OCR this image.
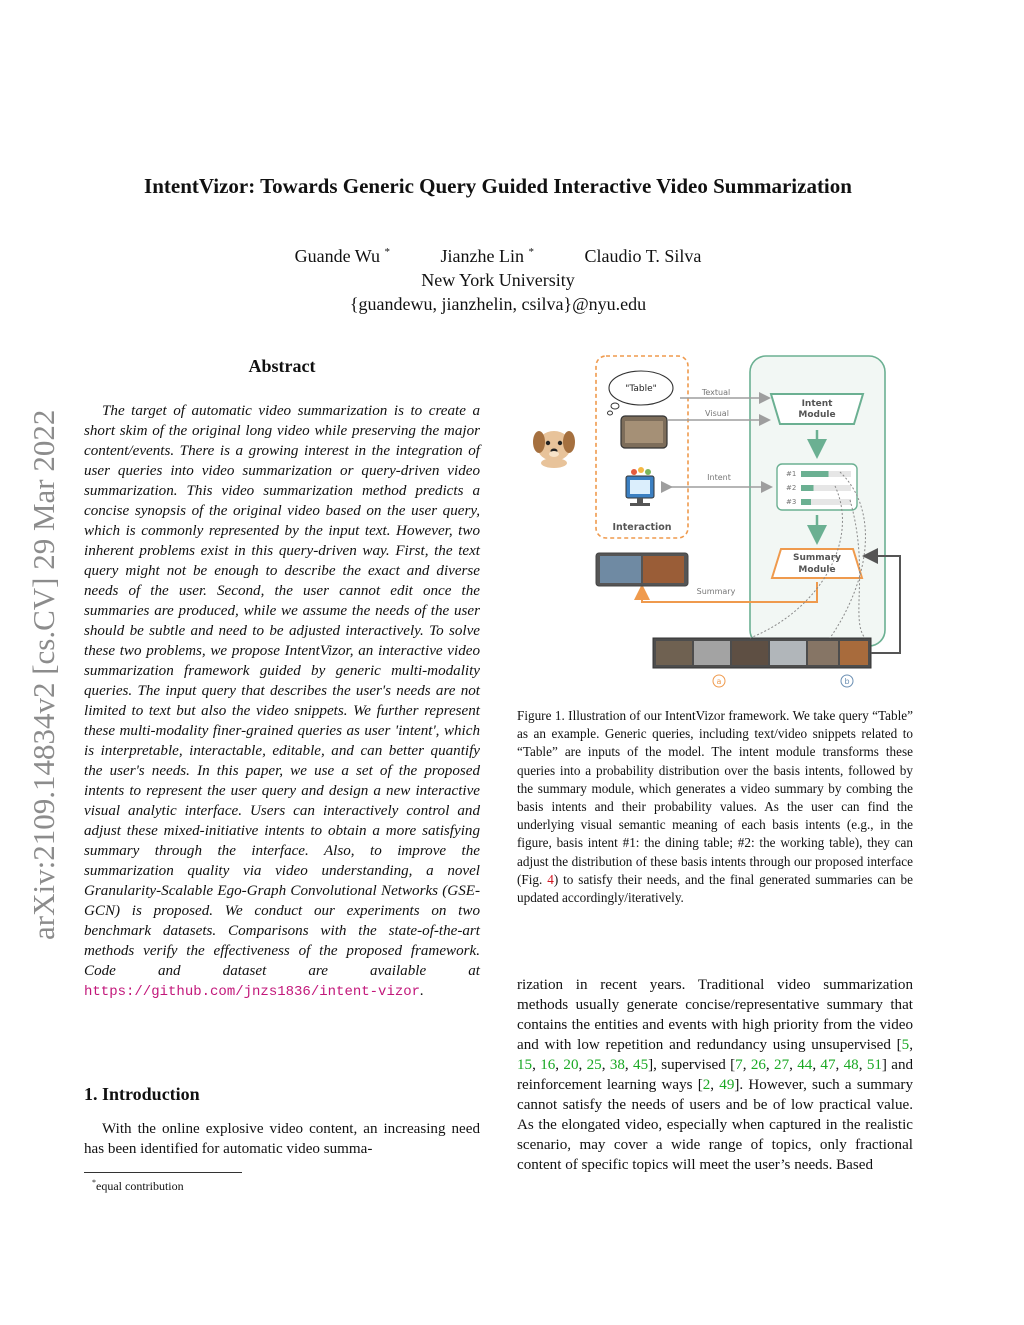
arXiv:2109.14834v2 [cs.CV] 29 Mar 2022
IntentVizor: Towards Generic Query Guided Interactive Video Summarization
Guande Wu *	Jianzhe Lin *	Claudio T. Silva
New York University
{guandewu, jianzhelin, csilva}@nyu.edu
Abstract

The target of automatic video summarization is to create a short skim of the original long video while preserving the major content/events. There is a growing interest in the integration of user queries into video summarization or query-driven video summarization. This video summarization method predicts a concise synopsis of the original video based on the user query, which is commonly represented by the input text. However, two inherent problems exist in this query-driven way. First, the text query might not be enough to describe the exact and diverse needs of the user. Second, the user cannot edit once the summaries are produced, while we assume the needs of the user should be subtle and need to be adjusted interactively. To solve these two problems, we propose IntentVizor, an interactive video summarization framework guided by generic multi-modality queries. The input query that describes the user's needs are not limited to text but also the video snippets. We further represent these multi-modality finer-grained queries as user 'intent', which is interpretable, interactable, editable, and can better quantify the user's needs. In this paper, we use a set of the proposed intents to represent the user query and design a new interactive visual analytic interface. Users can interactively control and adjust these mixed-initiative intents to obtain a more satisfying summary through the interface. Also, to improve the summarization quality via video understanding, a novel Granularity-Scalable Ego-Graph Convolutional Networks (GSE-GCN) is proposed. We conduct our experiments on two benchmark datasets. Comparisons with the state-of-the-art methods verify the effectiveness of the proposed framework. Code and dataset are available at https://github.com/jnzs1836/intent-vizor.

1. Introduction

With the online explosive video content, an increasing need has been identified for automatic video summa-

*equal contribution
"Table"
Interaction
Textual
Visual
Intent
Module
#1
#2
#3
Intent
Summary
Module
Summary
a	b

Figure 1. Illustration of our IntentVizor framework. We take query “Table” as an example. Generic queries, including text/video snippets related to “Table” are inputs of the model. The intent module transforms these queries into a probability distribution over the basis intents, followed by the summary module, which generates a video summary by combing the basis intents and their probability values. As the user can find the underlying visual semantic meaning of each basis intents (e.g., in the figure, basis intent #1: the dining table; #2: the working table), they can adjust the distribution of these basis intents through our proposed interface (Fig. 4) to satisfy their needs, and the final generated summaries can be updated accordingly/iteratively.

rization in recent years. Traditional video summarization methods usually generate concise/representative summary that contains the entities and events with high priority from the video and with low repetition and redundancy using unsupervised [5, 15, 16, 20, 25, 38, 45], supervised [7, 26, 27, 44, 47, 48, 51] and reinforcement learning ways [2, 49]. However, such a summary cannot satisfy the needs of users and be of low practical value. As the elongated video, especially when captured in the realistic scenario, may cover a wide range of topics, only fractional content of specific topics will meet the user’s needs. Based
